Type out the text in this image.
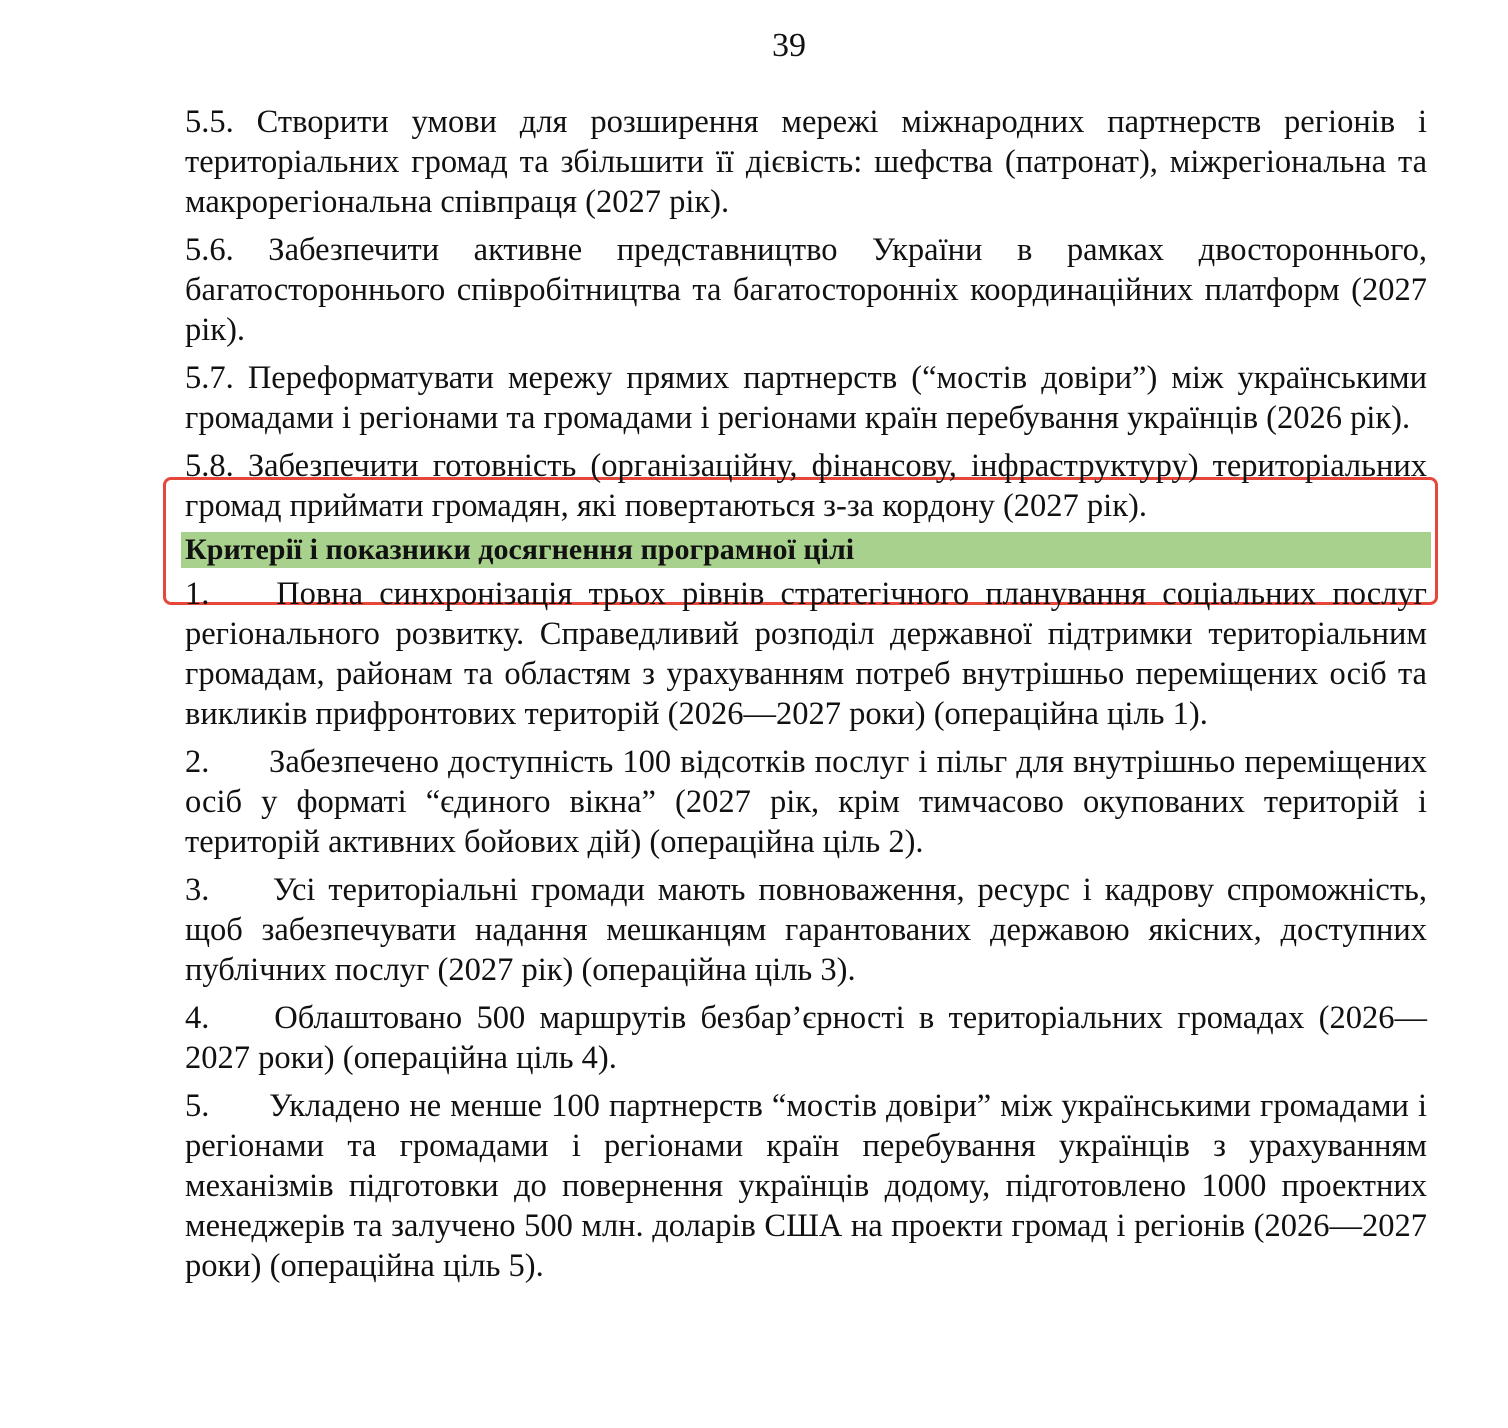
39

5.5. Створити умови для розширення мережі міжнародних партнерств регіонів і територіальних громад та збільшити її дієвість: шефства (патронат), міжрегіональна та макрорегіональна співпраця (2027 рік).

5.6. Забезпечити активне представництво України в рамках двостороннього, багатостороннього співробітництва та багатосторонніх координаційних платформ (2027 рік).

5.7. Переформатувати мережу прямих партнерств (“мостів довіри”) між українськими громадами і регіонами та громадами і регіонами країн перебування українців (2026 рік).

5.8. Забезпечити готовність (організаційну, фінансову, інфраструктуру) територіальних громад приймати громадян, які повертаються з-за кордону (2027 рік).

Критерії і показники досягнення програмної цілі

1. Повна синхронізація трьох рівнів стратегічного планування соціальних послуг регіонального розвитку. Справедливий розподіл державної підтримки територіальним громадам, районам та областям з урахуванням потреб внутрішньо переміщених осіб та викликів прифронтових територій (2026—2027 роки) (операційна ціль 1).

2. Забезпечено доступність 100 відсотків послуг і пільг для внутрішньо переміщених осіб у форматі “єдиного вікна” (2027 рік, крім тимчасово окупованих територій і територій активних бойових дій) (операційна ціль 2).

3. Усі територіальні громади мають повноваження, ресурс і кадрову спроможність, щоб забезпечувати надання мешканцям гарантованих державою якісних, доступних публічних послуг (2027 рік) (операційна ціль 3).

4. Облаштовано 500 маршрутів безбар’єрності в територіальних громадах (2026—2027 роки) (операційна ціль 4).

5. Укладено не менше 100 партнерств “мостів довіри” між українськими громадами і регіонами та громадами і регіонами країн перебування українців з урахуванням механізмів підготовки до повернення українців додому, підготовлено 1000 проектних менеджерів та залучено 500 млн. доларів США на проекти громад і регіонів (2026—2027 роки) (операційна ціль 5).
